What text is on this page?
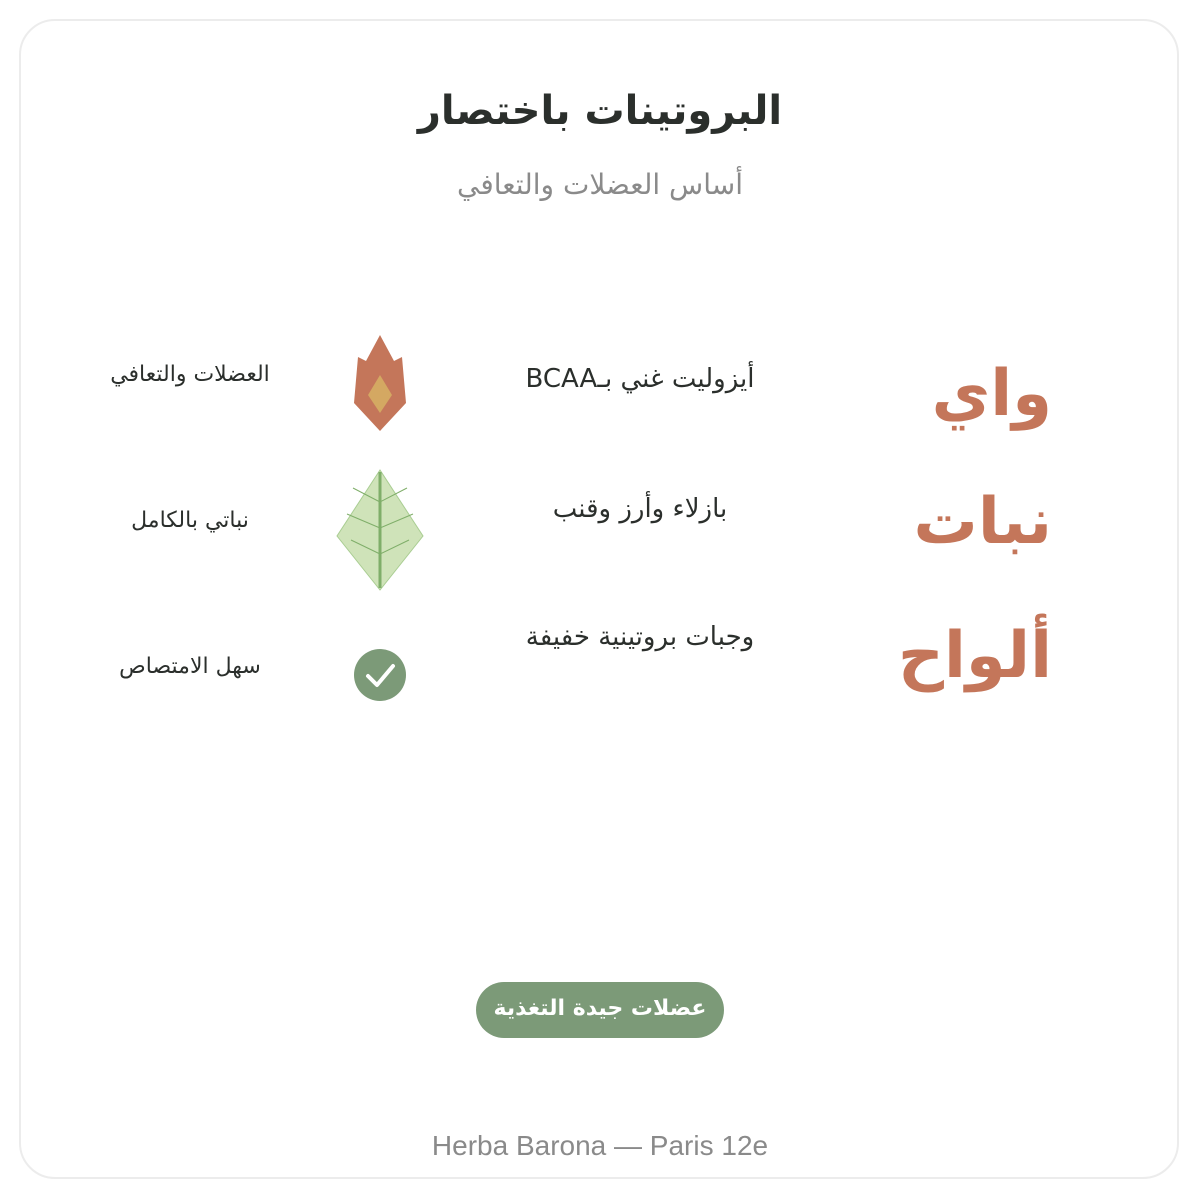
البروتينات باختصار
أساس العضلات والتعافي
واي
أيزوليت غني بـBCAA
العضلات والتعافي
نبات
بازلاء وأرز وقنب
نباتي بالكامل
ألواح
وجبات بروتينية خفيفة
سهل الامتصاص
عضلات جيدة التغذية
Herba Barona — Paris 12e
